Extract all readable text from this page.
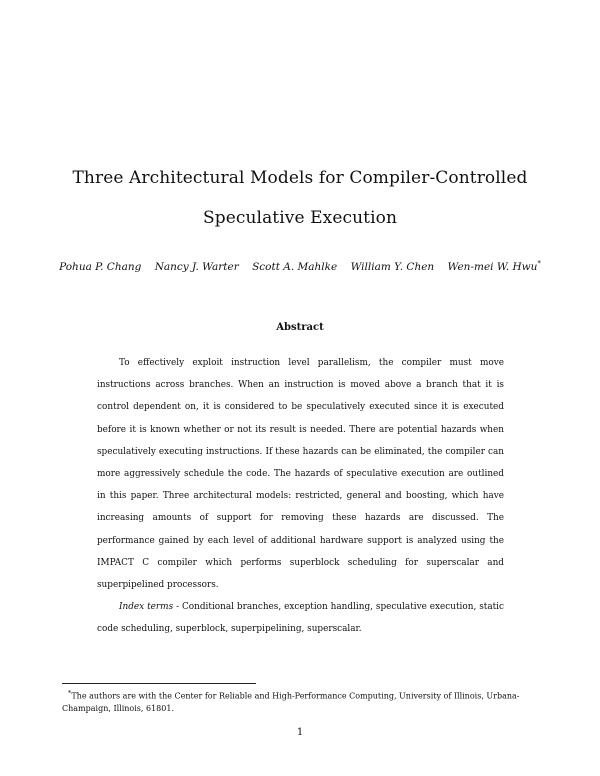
Three Architectural Models for Compiler-Controlled
Speculative Execution
Pohua P. Chang Nancy J. Warter Scott A. Mahlke William Y. Chen Wen-mei W. Hwu*
Abstract

To effectively exploit instruction level parallelism, the compiler must move instructions across branches. When an instruction is moved above a branch that it is control dependent on, it is considered to be speculatively executed since it is executed before it is known whether or not its result is needed. There are potential hazards when speculatively executing instructions. If these hazards can be eliminated, the compiler can more aggressively schedule the code. The hazards of speculative execution are outlined in this paper. Three architectural models: restricted, general and boosting, which have increasing amounts of support for removing these hazards are discussed. The performance gained by each level of additional hardware support is analyzed using the IMPACT C compiler which performs superblock scheduling for superscalar and superpipelined processors.

Index terms - Conditional branches, exception handling, speculative execution, static code scheduling, superblock, superpipelining, superscalar.

*The authors are with the Center for Reliable and High-Performance Computing, University of Illinois, Urbana-
Champaign, Illinois, 61801.
1
